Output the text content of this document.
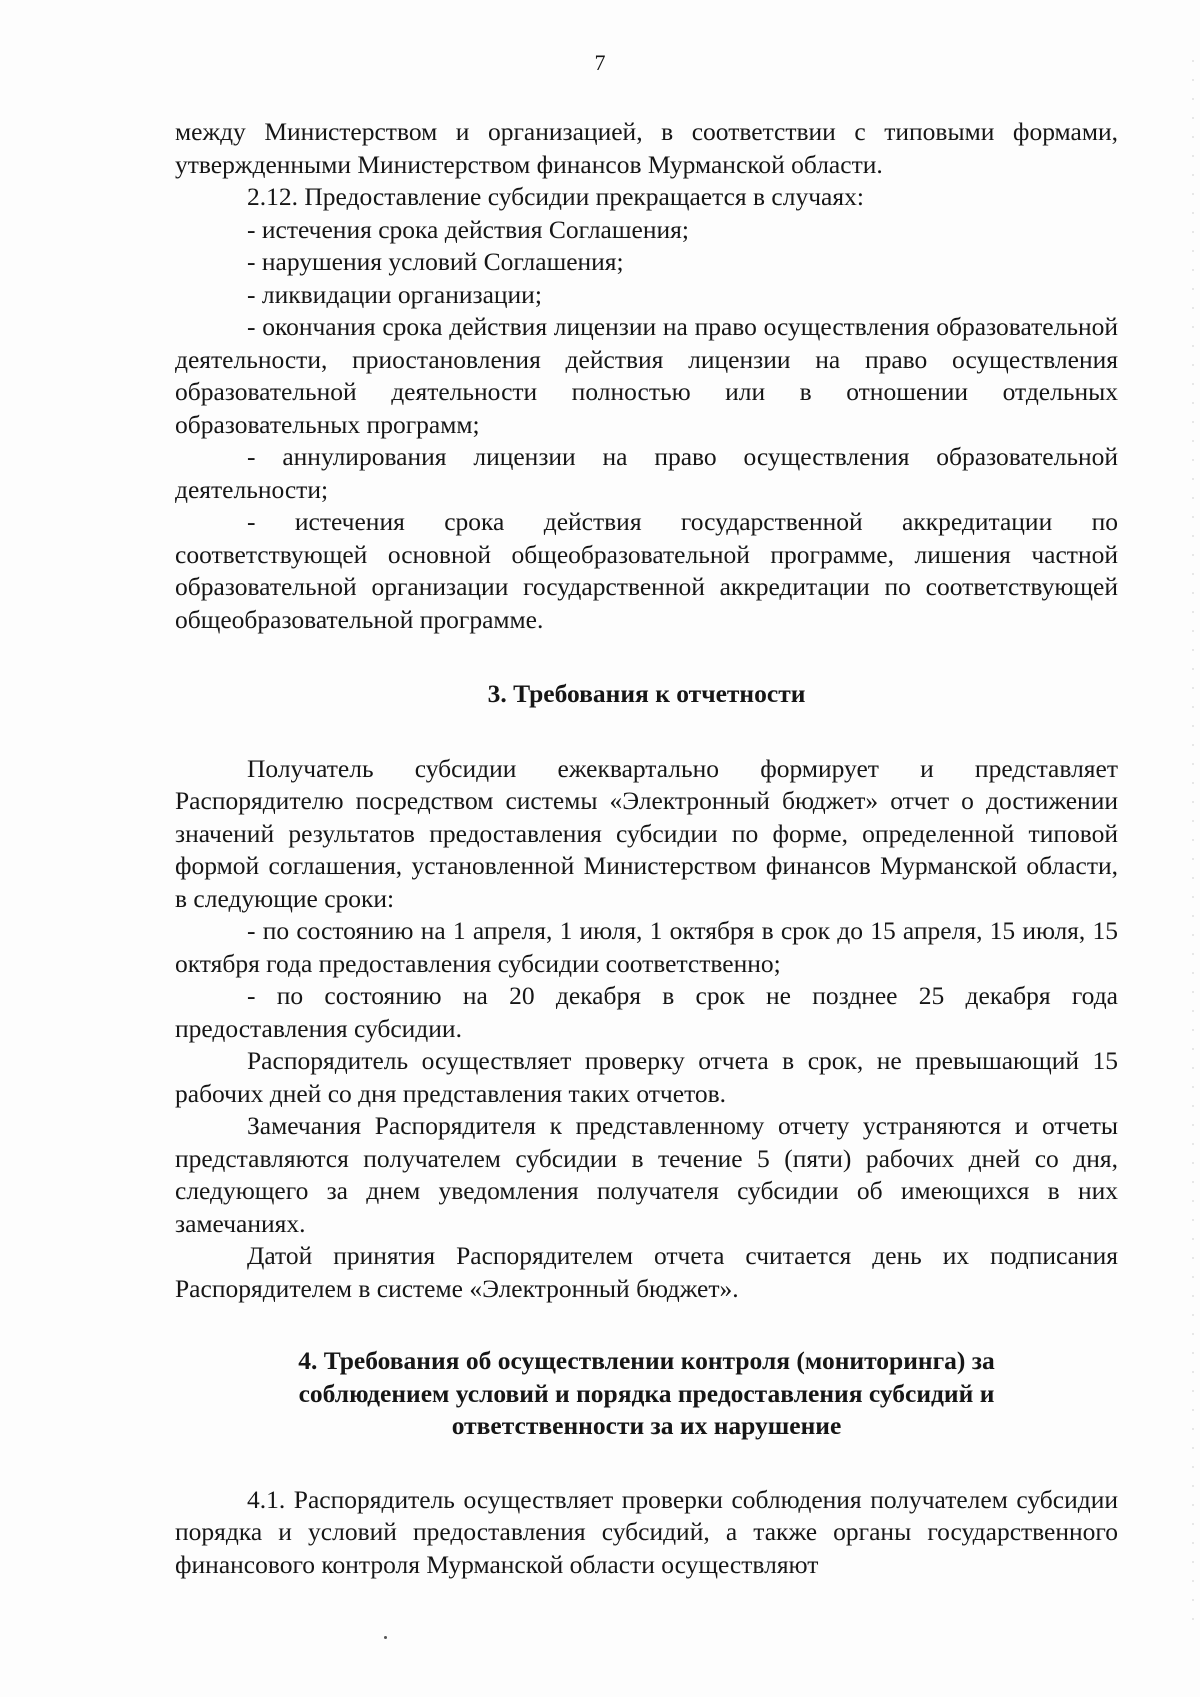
7

между Министерством и организацией, в соответствии с типовыми формами, утвержденными Министерством финансов Мурманской области.

2.12. Предоставление субсидии прекращается в случаях:

- истечения срока действия Соглашения;

- нарушения условий Соглашения;

- ликвидации организации;

- окончания срока действия лицензии на право осуществления образовательной деятельности, приостановления действия лицензии на право осуществления образовательной деятельности полностью или в отношении отдельных образовательных программ;

- аннулирования лицензии на право осуществления образовательной деятельности;

- истечения срока действия государственной аккредитации по соответствующей основной общеобразовательной программе, лишения частной образовательной организации государственной аккредитации по соответствующей общеобразовательной программе.

3. Требования к отчетности

Получатель субсидии ежеквартально формирует и представляет Распорядителю посредством системы «Электронный бюджет» отчет о достижении значений результатов предоставления субсидии по форме, определенной типовой формой соглашения, установленной Министерством финансов Мурманской области, в следующие сроки:

- по состоянию на 1 апреля, 1 июля, 1 октября в срок до 15 апреля, 15 июля, 15 октября года предоставления субсидии соответственно;

- по состоянию на 20 декабря в срок не позднее 25 декабря года предоставления субсидии.

Распорядитель осуществляет проверку отчета в срок, не превышающий 15 рабочих дней со дня представления таких отчетов.

Замечания Распорядителя к представленному отчету устраняются и отчеты представляются получателем субсидии в течение 5 (пяти) рабочих дней со дня, следующего за днем уведомления получателя субсидии об имеющихся в них замечаниях.

Датой принятия Распорядителем отчета считается день их подписания Распорядителем в системе «Электронный бюджет».

4. Требования об осуществлении контроля (мониторинга) за
соблюдением условий и порядка предоставления субсидий и
ответственности за их нарушение

4.1. Распорядитель осуществляет проверки соблюдения получателем субсидии порядка и условий предоставления субсидий, а также органы государственного финансового контроля Мурманской области осуществляют
